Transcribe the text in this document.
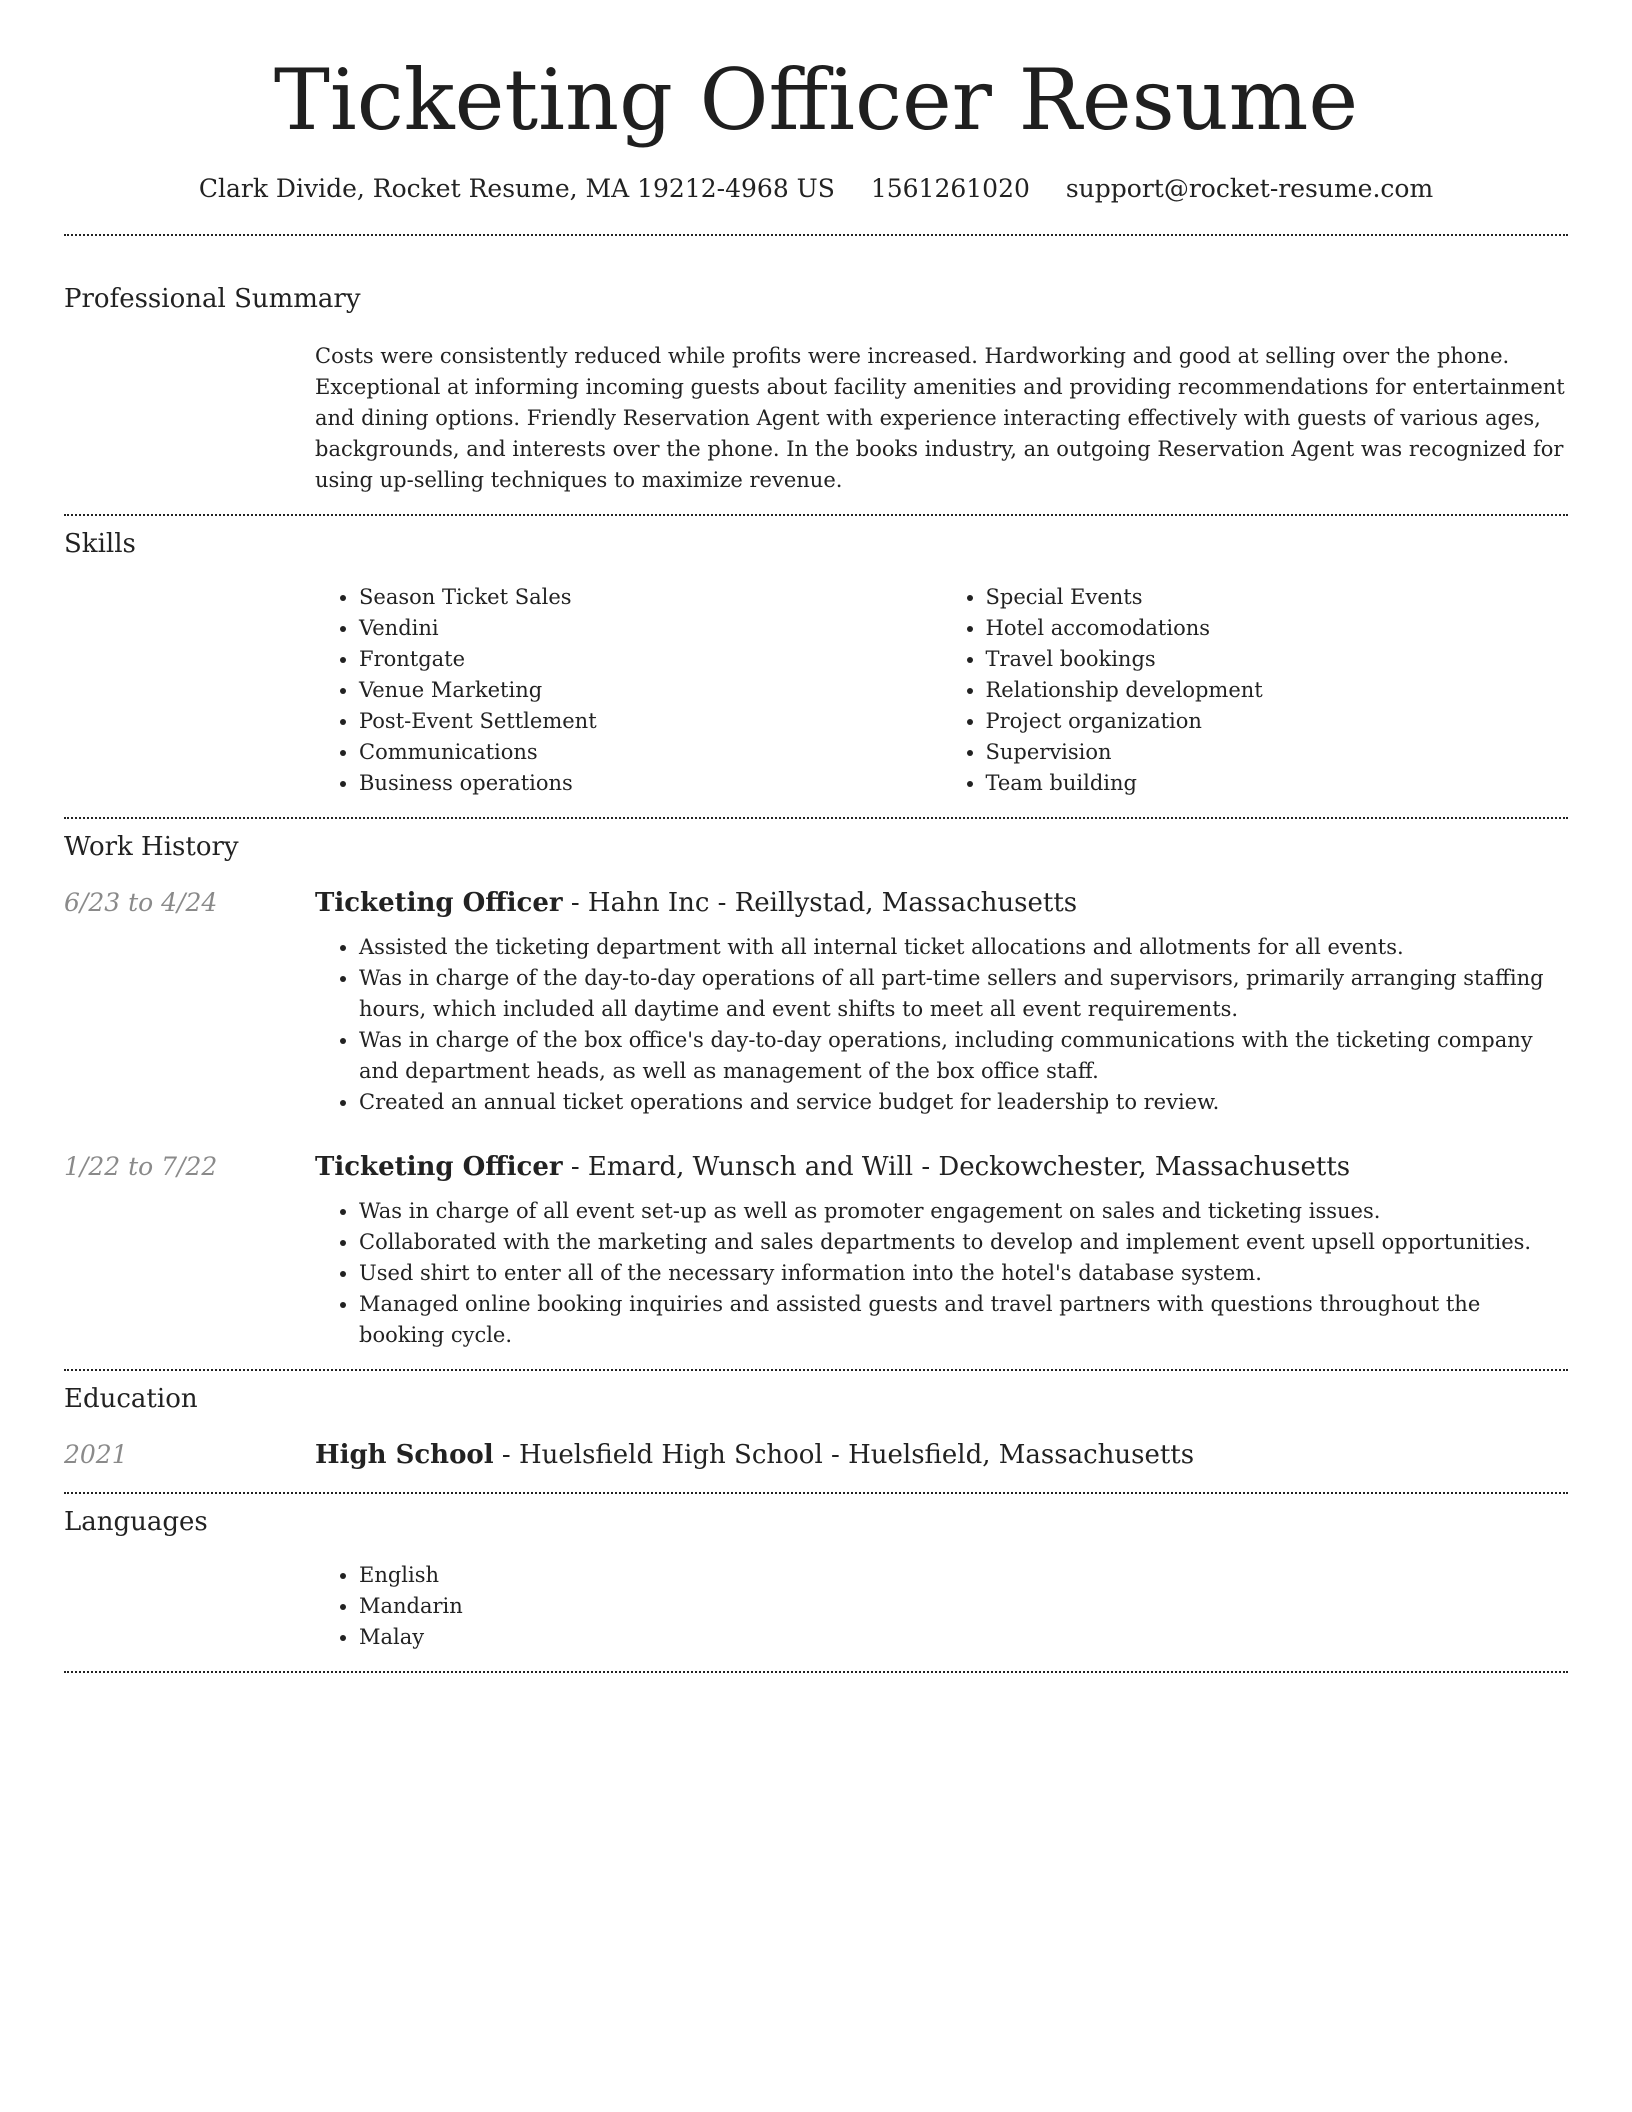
Ticketing Officer Resume
Clark Divide, Rocket Resume, MA 19212-4968 US 1561261020 support@rocket-resume.com
Professional Summary
Costs were consistently reduced while profits were increased. Hardworking and good at selling over the phone. Exceptional at informing incoming guests about facility amenities and providing recommendations for entertainment and dining options. Friendly Reservation Agent with experience interacting effectively with guests of various ages, backgrounds, and interests over the phone. In the books industry, an outgoing Reservation Agent was recognized for using up-selling techniques to maximize revenue.
Skills
• Season Ticket Sales
• Vendini
• Frontgate
• Venue Marketing
• Post-Event Settlement
• Communications
• Business operations
• Special Events
• Hotel accomodations
• Travel bookings
• Relationship development
• Project organization
• Supervision
• Team building
Work History
6/23 to 4/24	Ticketing Officer - Hahn Inc - Reillystad, Massachusetts
• Assisted the ticketing department with all internal ticket allocations and allotments for all events.
• Was in charge of the day-to-day operations of all part-time sellers and supervisors, primarily arranging staffing hours, which included all daytime and event shifts to meet all event requirements.
• Was in charge of the box office's day-to-day operations, including communications with the ticketing company and department heads, as well as management of the box office staff.
• Created an annual ticket operations and service budget for leadership to review.
1/22 to 7/22	Ticketing Officer - Emard, Wunsch and Will - Deckowchester, Massachusetts
• Was in charge of all event set-up as well as promoter engagement on sales and ticketing issues.
• Collaborated with the marketing and sales departments to develop and implement event upsell opportunities.
• Used shirt to enter all of the necessary information into the hotel's database system.
• Managed online booking inquiries and assisted guests and travel partners with questions throughout the booking cycle.
Education
2021	High School - Huelsfield High School - Huelsfield, Massachusetts
Languages
• English
• Mandarin
• Malay
